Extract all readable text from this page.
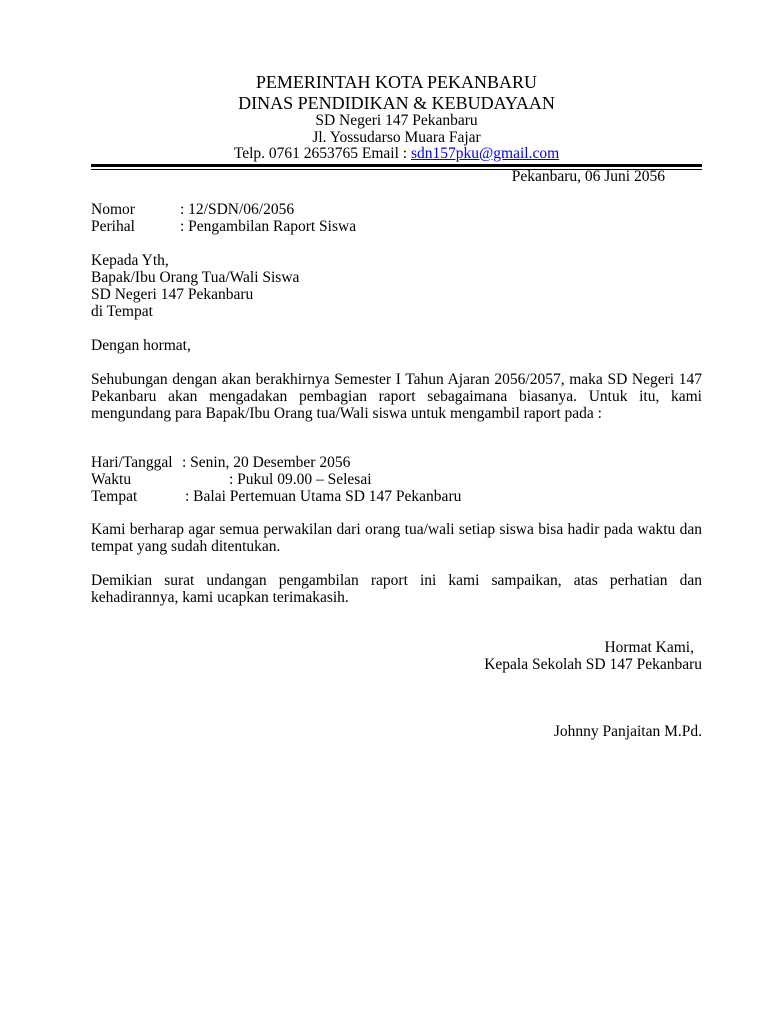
PEMERINTAH KOTA PEKANBARU
DINAS PENDIDIKAN & KEBUDAYAAN
SD Negeri 147 Pekanbaru
Jl. Yossudarso Muara Fajar
Telp. 0761 2653765 Email : sdn157pku@gmail.com
Pekanbaru, 06 Juni 2056
Nomor	: 12/SDN/06/2056
Perihal	: Pengambilan Raport Siswa
Kepada Yth,
Bapak/Ibu Orang Tua/Wali Siswa
SD Negeri 147 Pekanbaru
di Tempat
Dengan hormat,
Sehubungan dengan akan berakhirnya Semester I Tahun Ajaran 2056/2057, maka SD Negeri 147 Pekanbaru akan mengadakan pembagian raport sebagaimana biasanya. Untuk itu, kami mengundang para Bapak/Ibu Orang tua/Wali siswa untuk mengambil raport pada :
Hari/Tanggal : Senin, 20 Desember 2056
Waktu	: Pukul 09.00 – Selesai
Tempat	: Balai Pertemuan Utama SD 147 Pekanbaru
Kami berharap agar semua perwakilan dari orang tua/wali setiap siswa bisa hadir pada waktu dan tempat yang sudah ditentukan.
Demikian surat undangan pengambilan raport ini kami sampaikan, atas perhatian dan kehadirannya, kami ucapkan terimakasih.
Hormat Kami,
Kepala Sekolah SD 147 Pekanbaru
Johnny Panjaitan M.Pd.
